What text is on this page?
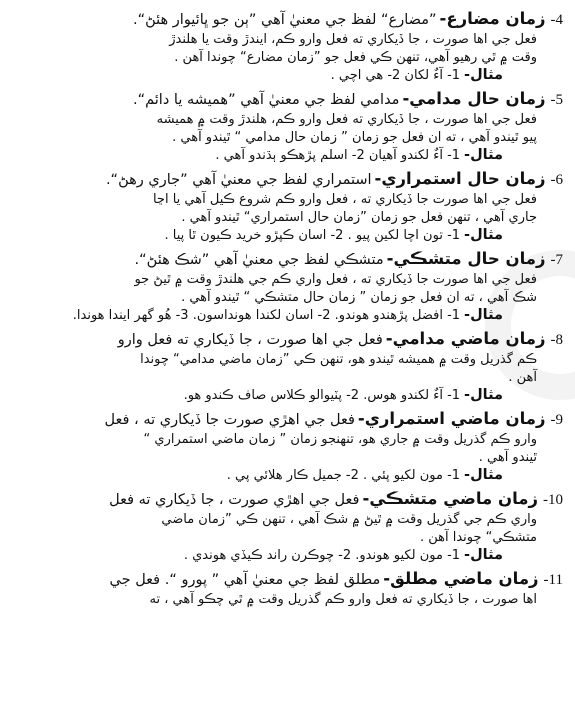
4-
زمان مضارع-
”مضارع“ لفظ جي معنيٰ آهي ”ٻن جو ڀائيوار هئڻ“.
فعل جي اها صورت ، جا ڏيکاري ته فعل وارو ڪم، ايندڙ وقت يا هلندڙ
وقت ۾ ٿي رهيو آهي، تنهن ڪي فعل جو ”زمان مضارع“ چوندا آهن .
مثال-1- آءٌ لکان 2- هي اچي .
5-
زمان حال مدامي-
مدامي لفظ جي معنيٰ آهي ”هميشه يا دائم“.
فعل جي اها صورت ، جا ڏيکاري ته فعل وارو ڪم، هلندڙ وقت ۾ هميشه
پيو ٿيندو آهي ، ته ان فعل جو زمان ” زمان حال مدامي “ ٿيندو آهي .
مثال-1- آءٌ لکندو آهيان 2- اسلم پڙهڪو ٻڌندو آهي .
6-
زمان حال استمراري-
استمراري لفظ جي معنيٰ آهي ”جاري رهڻ“.
فعل جي اها صورت جا ڏيکاري ته ، فعل وارو ڪم شروع ڪيل آهي يا اڃا
جاري آهي ، تنهن فعل جو زمان ”زمان حال استمراري“ ٿيندو آهي .
مثال-1- تون اچا لکين پيو . 2- اسان ڪپڙو خريد ڪيون ٿا پيا .
7-
زمان حال متشڪي-
متشڪي لفظ جي معنيٰ آهي ”شڪ هئڻ“.
فعل جي اها صورت جا ڏيکاري ته ، فعل واري ڪم جي هلندڙ وقت ۾ ٿيڻ جو
شڪ آهي ، ته ان فعل جو زمان ” زمان حال متشڪي “ ٿيندو آهي .
مثال-1- افضل پڙهندو هوندو. 2- اسان لکندا هونداسون. 3- هُو گهر ايندا هوندا.
8-
زمان ماضي مدامي-
فعل جي اها صورت ، جا ڏيکاري ته فعل وارو
ڪم گذريل وقت ۾ هميشه ٿيندو هو، تنهن ڪي ”زمان ماضي مدامي“ چوندا
آهن .
مثال-1- آءٌ لکندو هوس. 2- پٽيوالو ڪلاس صاف ڪندو هو.
9-
زمان ماضي استمراري-
فعل جي اهڙي صورت جا ڏيکاري ته ، فعل
وارو ڪم گذريل وقت ۾ جاري هو، تنهنجو زمان ” زمان ماضي استمراري “
ٿيندو آهي .
مثال-1- مون لکيو پئي . 2- جميل ڪار هلائي پي .
10-
زمان ماضي متشڪي-
فعل جي اهڙي صورت ، جا ڏيکاري ته فعل
واري ڪم جي گذريل وقت ۾ ٿيڻ ۾ شڪ آهي ، تنهن ڪي ”زمان ماضي
متشڪي“ چوندا آهن .
مثال-1- مون لکيو هوندو. 2- چوڪرن راند ڪيڏي هوندي .
11-
زمان ماضي مطلق-
مطلق لفظ جي معنيٰ آهي ” پورو “. فعل جي
اها صورت ، جا ڏيکاري ته فعل وارو ڪم گذريل وقت ۾ ٿي چڪو آهي ، ته
